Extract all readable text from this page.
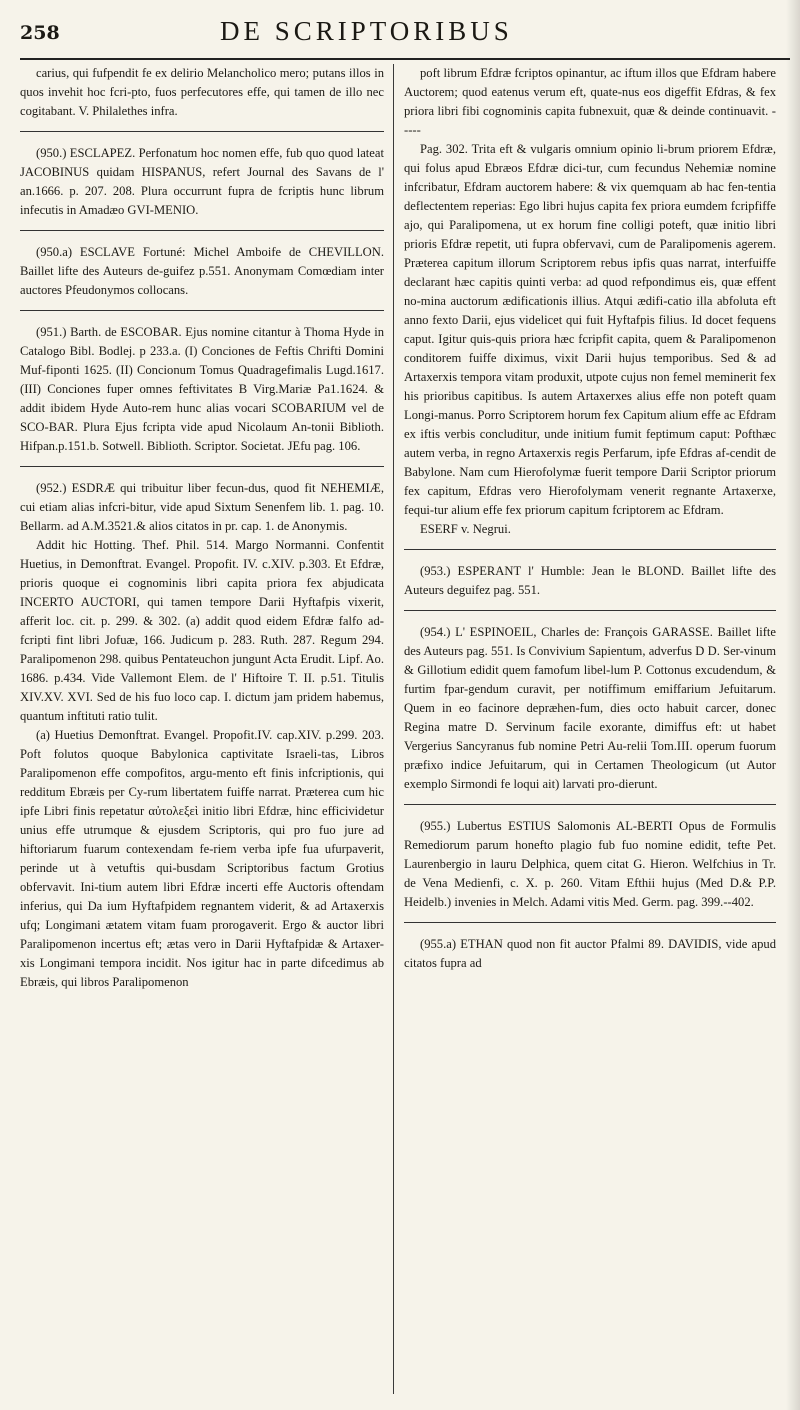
258	DE SCRIPTORIBUS

carius, qui fufpendit fe ex delirio Melancholico mero; putans illos in quos invehit hoc fcri-pto, fuos perfecutores effe, qui tamen de illo nec cogitabant. V. Philalethes infra.

(950.) ESCLAPEZ. Perfonatum hoc nomen effe, fub quo quod lateat JACOBINUS quidam HISPANUS, refert Journal des Savans de l' an.1666. p. 207. 208. Plura occurrunt fupra de fcriptis hunc librum infecutis in Amadæo GVI-MENIO.

(950.a) ESCLAVE Fortuné: Michel Amboife de CHEVILLON. Baillet lifte des Auteurs de-guifez p.551. Anonymam Comœdiam inter auctores Pfeudonymos collocans.

(951.) Barth. de ESCOBAR. Ejus nomine citantur à Thoma Hyde in Catalogo Bibl. Bodlej. p 233.a. (I) Conciones de Feftis Chrifti Domini Muf-fiponti 1625. (II) Concionum Tomus Quadragefimalis Lugd.1617. (III) Conciones fuper omnes feftivitates B Virg.Mariæ Pa1.1624. & addit ibidem Hyde Auto-rem hunc alias vocari SCOBARIUM vel de SCO-BAR. Plura Ejus fcripta vide apud Nicolaum An-tonii Biblioth. Hifpan.p.151.b. Sotwell. Biblioth. Scriptor. Societat. JEfu pag. 106.

(952.) ESDRÆ qui tribuitur liber fecun-dus, quod fit NEHEMIÆ, cui etiam alias infcri-bitur, vide apud Sixtum Senenfem lib. 1. pag. 10. Bellarm. ad A.M.3521.& alios citatos in pr. cap. 1. de Anonymis.

Addit hic Hotting. Thef. Phil. 514. Margo Normanni. Confentit Huetius, in Demonftrat. Evangel. Propofit. IV. c.XIV. p.303. Et Efdræ, prioris quoque ei cognominis libri capita priora fex abjudicata INCERTO AUCTORI, qui tamen tempore Darii Hyftafpis vixerit, afferit loc. cit. p. 299. & 302. (a) addit quod eidem Efdræ falfo ad-fcripti fint libri Jofuæ, 166. Judicum p. 283. Ruth. 287. Regum 294. Paralipomenon 298. quibus Pentateuchon jungunt Acta Erudit. Lipf. Ao. 1686. p.434. Vide Vallemont Elem. de l' Hiftoire T. II. p.51. Titulis XIV.XV. XVI. Sed de his fuo loco cap. I. dictum jam pridem habemus, quantum inftituti ratio tulit.

(a) Huetius Demonftrat. Evangel. Propofit.IV. cap.XIV. p.299. 203. Poft folutos quoque Babylonica captivitate Israeli-tas, Libros Paralipomenon effe compofitos, argu-mento eft finis infcriptionis, qui redditum Ebræis per Cy-rum libertatem fuiffe narrat. Præterea cum hic ipfe Libri finis repetatur αὐτολεξεὶ initio libri Efdræ, hinc efficividetur unius effe utrumque & ejusdem Scriptoris, qui pro fuo jure ad hiftoriarum fuarum contexendam fe-riem verba ipfe fua ufurpaverit, perinde ut à vetuftis qui-busdam Scriptoribus factum Grotius obfervavit. Ini-tium autem libri Efdræ incerti effe Auctoris oftendam inferius, qui Da ium Hyftafpidem regnantem viderit, & ad Artaxerxis ufq; Longimani ætatem vitam fuam prorogaverit. Ergo & auctor libri Paralipomenon incertus eft; ætas vero in Darii Hyftafpidæ & Artaxer-xis Longimani tempora incidit. Nos igitur hac in parte difcedimus ab Ebræis, qui libros Paralipomenon

poft librum Efdræ fcriptos opinantur, ac iftum illos que Efdram habere Auctorem; quod eatenus verum eft, quate-nus eos digeffit Efdras, & fex priora libri fibi cognominis capita fubnexuit, quæ & deinde continuavit. -----

Pag. 302. Trita eft & vulgaris omnium opinio li-brum priorem Efdræ, qui folus apud Ebræos Efdræ dici-tur, cum fecundus Nehemiæ nomine infcribatur, Efdram auctorem habere: & vix quemquam ab hac fen-tentia deflectentem reperias: Ego libri hujus capita fex priora eumdem fcripfiffe ajo, qui Paralipomena, ut ex horum fine colligi poteft, quæ initio libri prioris Efdræ repetit, uti fupra obfervavi, cum de Paralipomenis agerem. Præterea capitum illorum Scriptorem rebus ipfis quas narrat, interfuiffe declarant hæc capitis quinti verba: ad quod refpondimus eis, quæ effent no-mina auctorum ædificationis illius. Atqui ædifi-catio illa abfoluta eft anno fexto Darii, ejus videlicet qui fuit Hyftafpis filius. Id docet fequens caput. Igitur quis-quis priora hæc fcripfit capita, quem & Paralipomenon conditorem fuiffe diximus, vixit Darii hujus temporibus. Sed & ad Artaxerxis tempora vitam produxit, utpote cujus non femel meminerit fex his prioribus capitibus. Is autem Artaxerxes alius effe non poteft quam Longi-manus. Porro Scriptorem horum fex Capitum alium effe ac Efdram ex iftis verbis concluditur, unde initium fumit feptimum caput: Pofthæc autem verba, in regno Artaxerxis regis Perfarum, ipfe Efdras af-cendit de Babylone. Nam cum Hierofolymæ fuerit tempore Darii Scriptor priorum fex capitum, Efdras vero Hierofolymam venerit regnante Artaxerxe, fequi-tur alium effe fex priorum capitum fcriptorem ac Efdram.

ESERF v. Negrui.

(953.) ESPERANT l' Humble: Jean le BLOND. Baillet lifte des Auteurs deguifez pag. 551.

(954.) L' ESPINOEIL, Charles de: François GARASSE. Baillet lifte des Auteurs pag. 551. Is Convivium Sapientum, adverfus D D. Ser-vinum & Gillotium edidit quem famofum libel-lum P. Cottonus excudendum, & furtim fpar-gendum curavit, per notiffimum emiffarium Jefuitarum. Quem in eo facinore depræhen-fum, dies octo habuit carcer, donec Regina matre D. Servinum facile exorante, dimiffus eft: ut habet Vergerius Sancyranus fub nomine Petri Au-relii Tom.III. operum fuorum præfixo indice Jefuitarum, qui in Certamen Theologicum (ut Autor exemplo Sirmondi fe loqui ait) larvati pro-dierunt.

(955.) Lubertus ESTIUS Salomonis AL-BERTI Opus de Formulis Remediorum parum honefto plagio fub fuo nomine edidit, tefte Pet. Laurenbergio in lauru Delphica, quem citat G. Hieron. Welfchius in Tr. de Vena Medienfi, c. X. p. 260. Vitam Efthii hujus (Med D.& P.P. Heidelb.) invenies in Melch. Adami vitis Med. Germ. pag. 399.--402.

(955.a) ETHAN quod non fit auctor Pfalmi 89. DAVIDIS, vide apud citatos fupra ad
